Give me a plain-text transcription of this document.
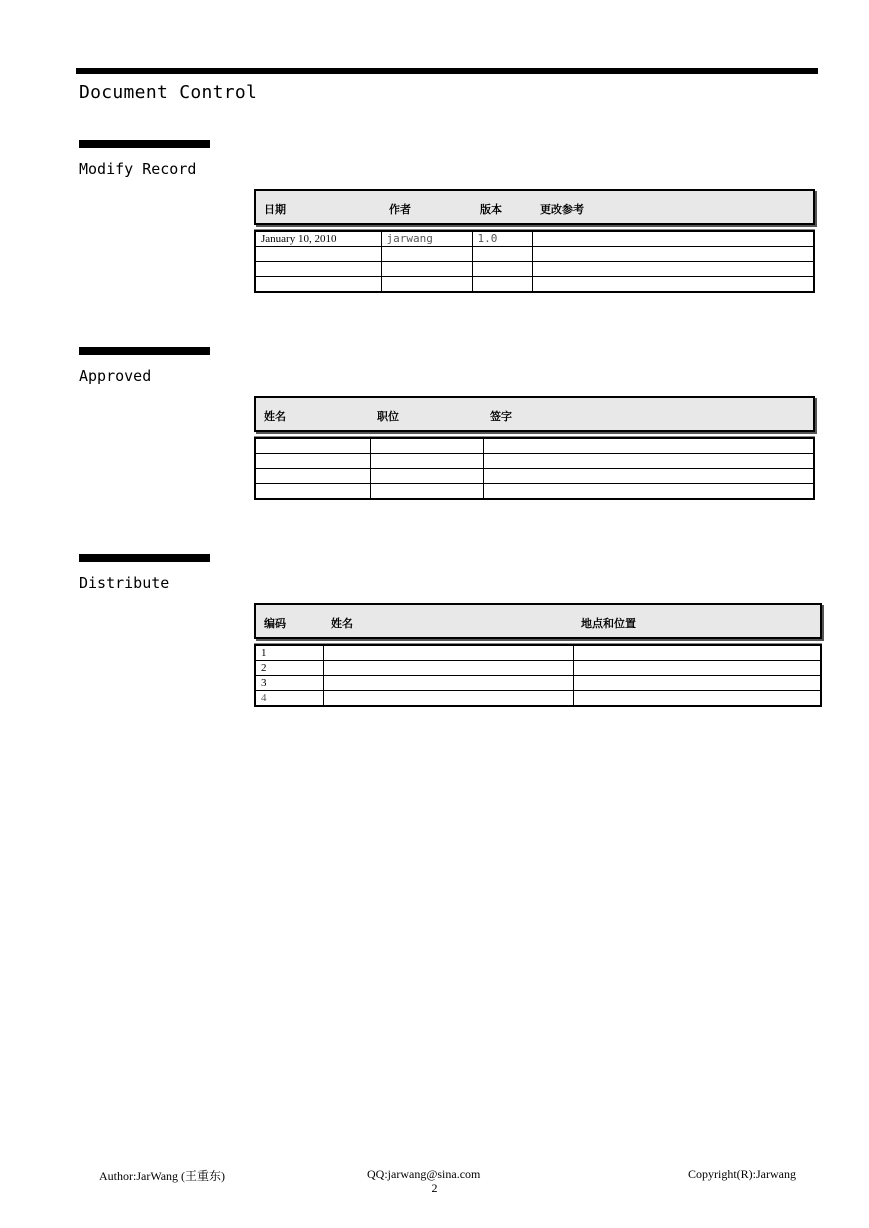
Document Control
Modify Record
日期	作者	版本	更改参考
January 10, 2010	jarwang	1.0	

Approved
姓名	职位	签字

Distribute
编码	姓名	地点和位置
1		
2		
3		
4		
Author:JarWang (王重东)	QQ:jarwang@sina.com	Copyright(R):Jarwang
2
